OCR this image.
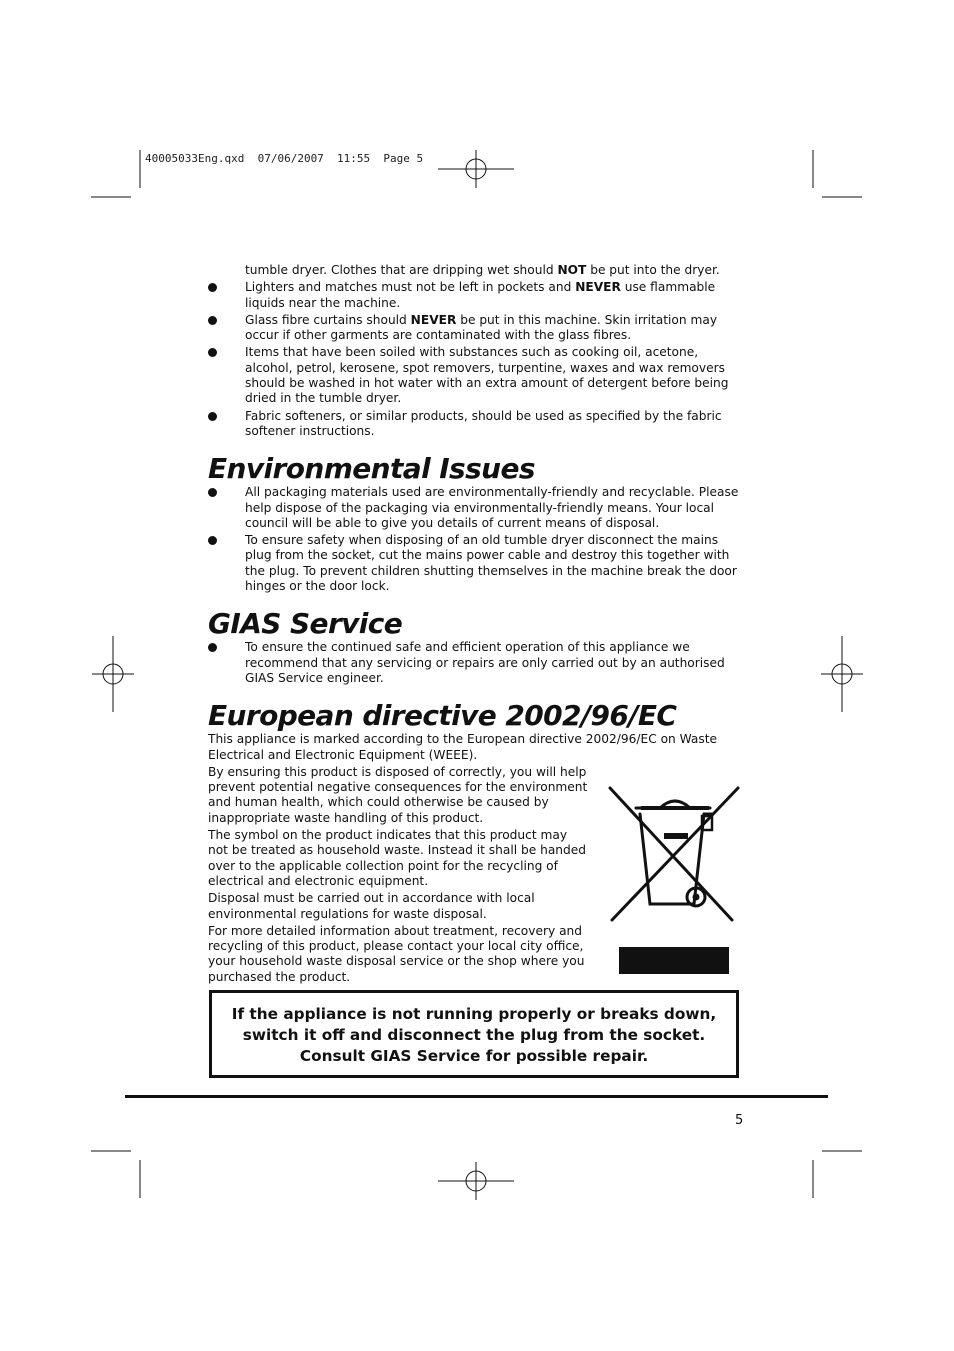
40005033Eng.qxd  07/06/2007  11:55  Page 5

tumble dryer. Clothes that are dripping wet should NOT be put into the dryer.

Lighters and matches must not be left in pockets and NEVER use flammable liquids near the machine.
Glass fibre curtains should NEVER be put in this machine. Skin irritation may occur if other garments are contaminated with the glass fibres.
Items that have been soiled with substances such as cooking oil, acetone, alcohol, petrol, kerosene, spot removers, turpentine, waxes and wax removers should be washed in hot water with an extra amount of detergent before being dried in the tumble dryer.
Fabric softeners, or similar products, should be used as specified by the fabric softener instructions.
Environmental Issues
All packaging materials used are environmentally-friendly and recyclable. Please help dispose of the packaging via environmentally-friendly means. Your local council will be able to give you details of current means of disposal.
To ensure safety when disposing of an old tumble dryer disconnect the mains plug from the socket, cut the mains power cable and destroy this together with the plug. To prevent children shutting themselves in the machine break the door hinges or the door lock.
GIAS Service
To ensure the continued safe and efficient operation of this appliance we recommend that any servicing or repairs are only carried out by an authorised GIAS Service engineer.
European directive 2002/96/EC

This appliance is marked according to the European directive 2002/96/EC on Waste Electrical and Electronic Equipment (WEEE).

By ensuring this product is disposed of correctly, you will help prevent potential negative consequences for the environment and human health, which could otherwise be caused by inappropriate waste handling of this product.

The symbol on the product indicates that this product may not be treated as household waste. Instead it shall be handed over to the applicable collection point for the recycling of electrical and electronic equipment.

Disposal must be carried out in accordance with local environmental regulations for waste disposal.

For more detailed information about treatment, recovery and recycling of this product, please contact your local city office, your household waste disposal service or the shop where you purchased the product.

If the appliance is not running properly or breaks down,
switch it off and disconnect the plug from the socket.
Consult GIAS Service for possible repair.
5
